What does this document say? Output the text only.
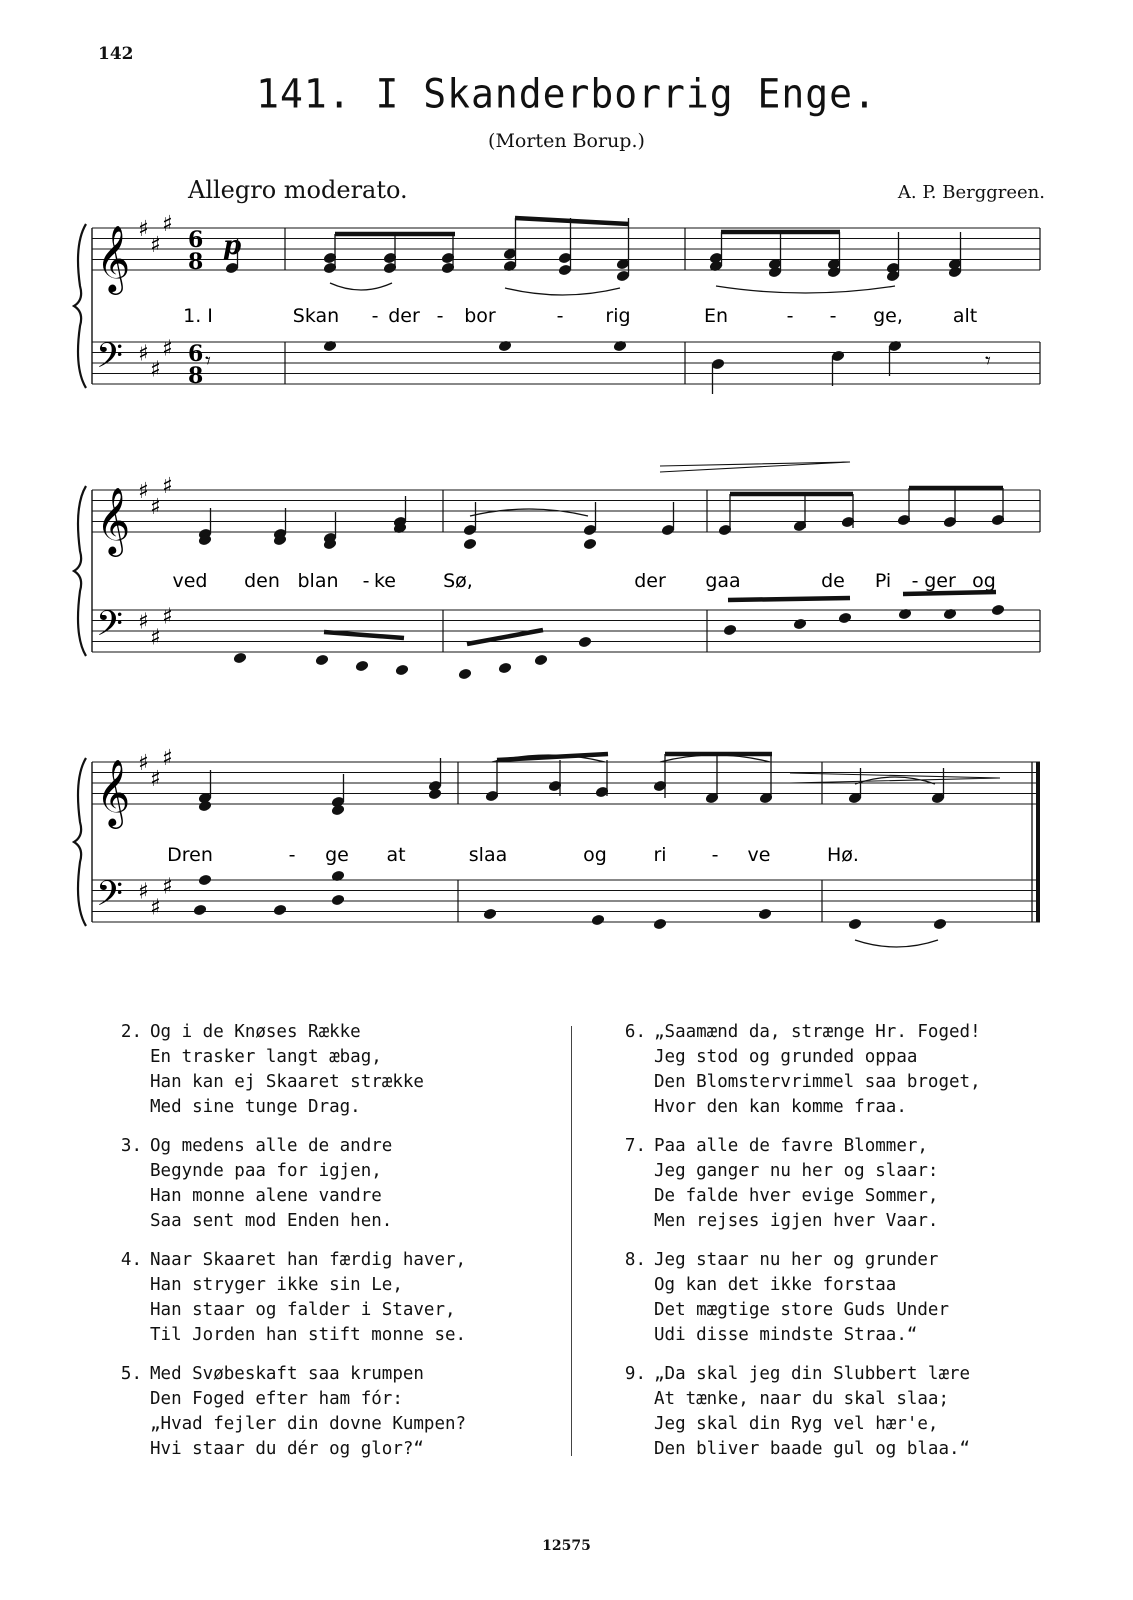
142
141. I Skanderborrig Enge.
(Morten Borup.)
Allegro moderato.	A. P. Berggreen.
𝄞
𝄢
♯
♯
♯
♯
♯
♯
6
8
6
8
p
1. I	Skan - der - bor	- rig	En	- - ge,	alt
𝄞
𝄢
♯
♯
♯
♯
♯
♯
ved den blan - ke Sø,	der gaa	de Pi - ger og
𝄞
𝄢
♯
♯
♯
♯
♯
♯
Dren	- ge at	slaa	og ri - ve	Hø.
𝄾	𝄾
2. Og i de Knøses Række
En trasker langt æbag,
Han kan ej Skaaret strække
Med sine tunge Drag.
3. Og medens alle de andre
Begynde paa for igjen,
Han monne alene vandre
Saa sent mod Enden hen.
4. Naar Skaaret han færdig haver,
Han stryger ikke sin Le,
Han staar og falder i Staver,
Til Jorden han stift monne se.
5. Med Svøbeskaft saa krumpen
Den Foged efter ham fór:
„Hvad fejler din dovne Kumpen?
Hvi staar du dér og glor?“
6. „Saamænd da, strænge Hr. Foged!
Jeg stod og grunded oppaa
Den Blomstervrimmel saa broget,
Hvor den kan komme fraa.
7. Paa alle de favre Blommer,
Jeg ganger nu her og slaar:
De falde hver evige Sommer,
Men rejses igjen hver Vaar.
8. Jeg staar nu her og grunder
Og kan det ikke forstaa
Det mægtige store Guds Under
Udi disse mindste Straa.“
9. „Da skal jeg din Slubbert lære
At tænke, naar du skal slaa;
Jeg skal din Ryg vel hær'e,
Den bliver baade gul og blaa.“
12575
